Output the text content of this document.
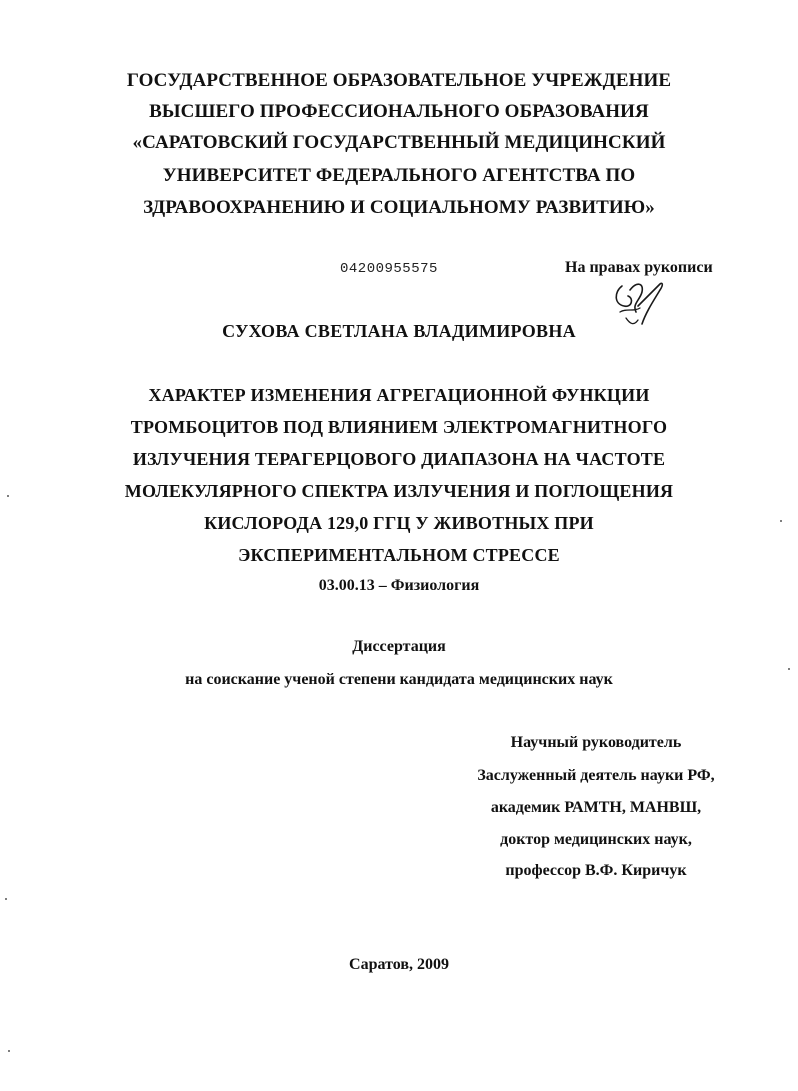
ГОСУДАРСТВЕННОЕ ОБРАЗОВАТЕЛЬНОЕ УЧРЕЖДЕНИЕ
ВЫСШЕГО ПРОФЕССИОНАЛЬНОГО ОБРАЗОВАНИЯ
«САРАТОВСКИЙ ГОСУДАРСТВЕННЫЙ МЕДИЦИНСКИЙ
УНИВЕРСИТЕТ ФЕДЕРАЛЬНОГО АГЕНТСТВА ПО
ЗДРАВООХРАНЕНИЮ И СОЦИАЛЬНОМУ РАЗВИТИЮ»
04200955575	На правах рукописи
СУХОВА СВЕТЛАНА ВЛАДИМИРОВНА
ХАРАКТЕР ИЗМЕНЕНИЯ АГРЕГАЦИОННОЙ ФУНКЦИИ
ТРОМБОЦИТОВ ПОД ВЛИЯНИЕМ ЭЛЕКТРОМАГНИТНОГО
ИЗЛУЧЕНИЯ ТЕРАГЕРЦОВОГО ДИАПАЗОНА НА ЧАСТОТЕ
МОЛЕКУЛЯРНОГО СПЕКТРА ИЗЛУЧЕНИЯ И ПОГЛОЩЕНИЯ
КИСЛОРОДА 129,0 ГГЦ У ЖИВОТНЫХ ПРИ
ЭКСПЕРИМЕНТАЛЬНОМ СТРЕССЕ
03.00.13 – Физиология
Диссертация
на соискание ученой степени кандидата медицинских наук
Научный руководитель
Заслуженный деятель науки РФ,
академик РАМТН, МАНВШ,
доктор медицинских наук,
профессор В.Ф. Киричук
Саратов, 2009
